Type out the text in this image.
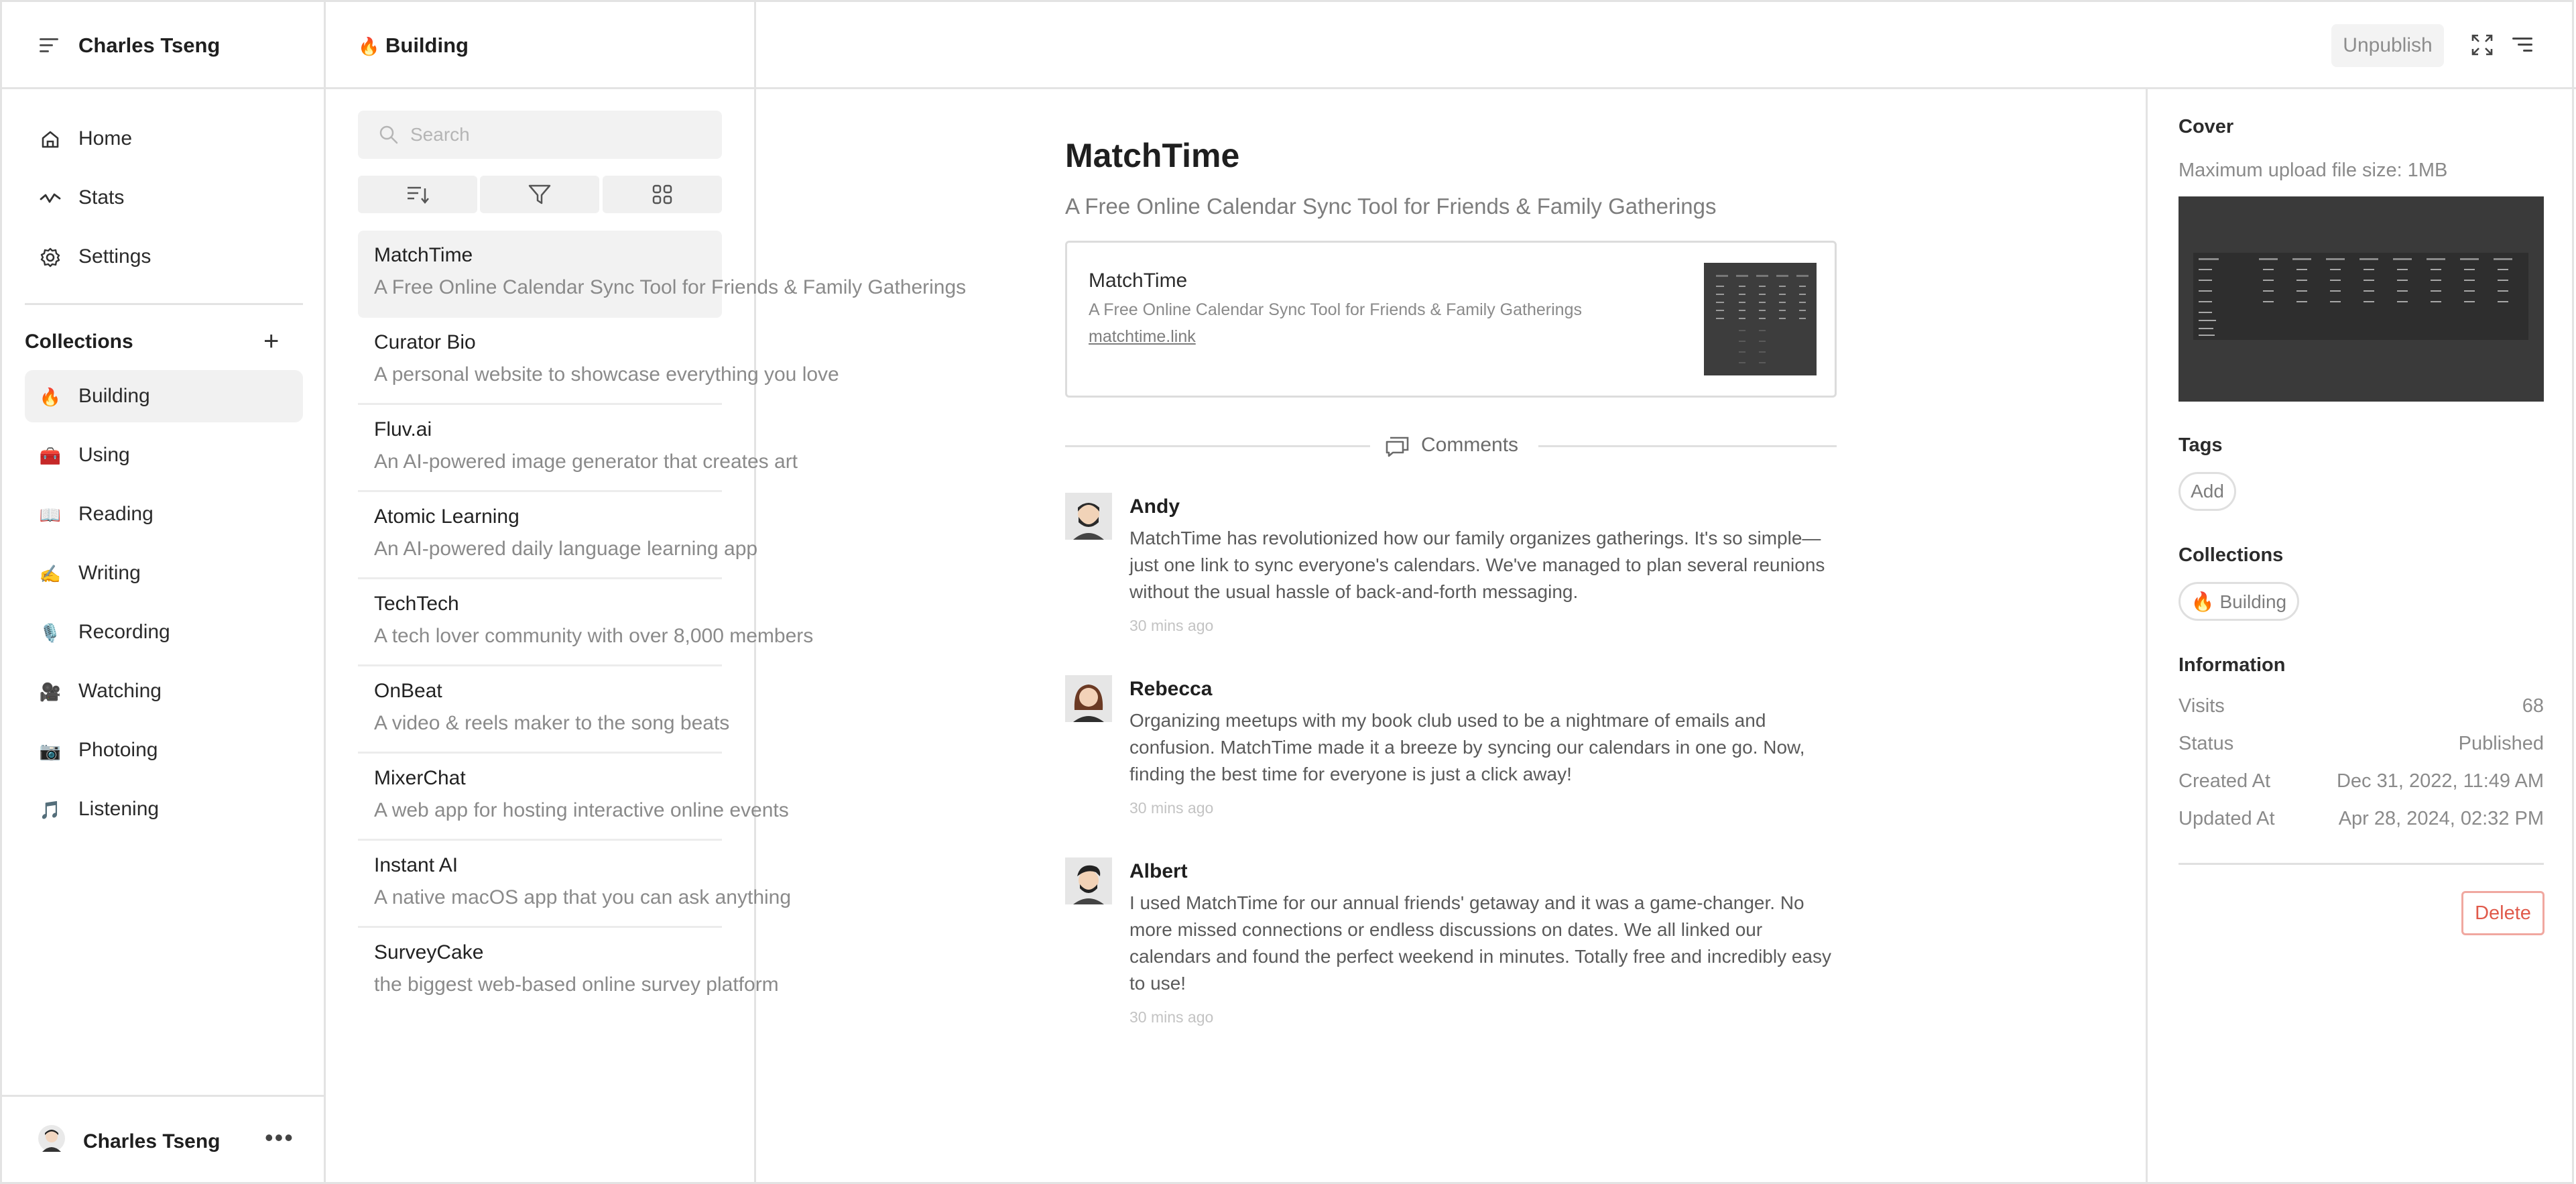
Charles Tseng
Home
Stats
Settings
Collections	+
🔥 Building
🧰 Using
📖 Reading
✍️ Writing
🎙️ Recording
🎥 Watching
📷 Photoing
🎵 Listening
Charles Tseng •••
🔥 Building
Search
MatchTime
A Free Online Calendar Sync Tool for Friends & Family Gatherings
Curator Bio
A personal website to showcase everything you love
Fluv.ai
An AI-powered image generator that creates art
Atomic Learning
An AI-powered daily language learning app
TechTech
A tech lover community with over 8,000 members
OnBeat
A video & reels maker to the song beats
MixerChat
A web app for hosting interactive online events
Instant AI
A native macOS app that you can ask anything
SurveyCake
the biggest web-based online survey platform
Unpublish
MatchTime
A Free Online Calendar Sync Tool for Friends & Family Gatherings
MatchTime
A Free Online Calendar Sync Tool for Friends & Family Gatherings
matchtime.link
Comments
Andy
MatchTime has revolutionized how our family organizes gatherings. It's so simple—just one link to sync everyone's calendars. We've managed to plan several reunions without the usual hassle of back-and-forth messaging.
30 mins ago
Rebecca
Organizing meetups with my book club used to be a nightmare of emails and confusion. MatchTime made it a breeze by syncing our calendars in one go. Now, finding the best time for everyone is just a click away!
30 mins ago
Albert
I used MatchTime for our annual friends' getaway and it was a game-changer. No more missed connections or endless discussions on dates. We all linked our calendars and found the perfect weekend in minutes. Totally free and incredibly easy to use!
30 mins ago
Cover
Maximum upload file size: 1MB
Tags
Add
Collections
🔥 Building
Information
Visits	68
Status	Published
Created At	Dec 31, 2022, 11:49 AM
Updated At	Apr 28, 2024, 02:32 PM
Delete
